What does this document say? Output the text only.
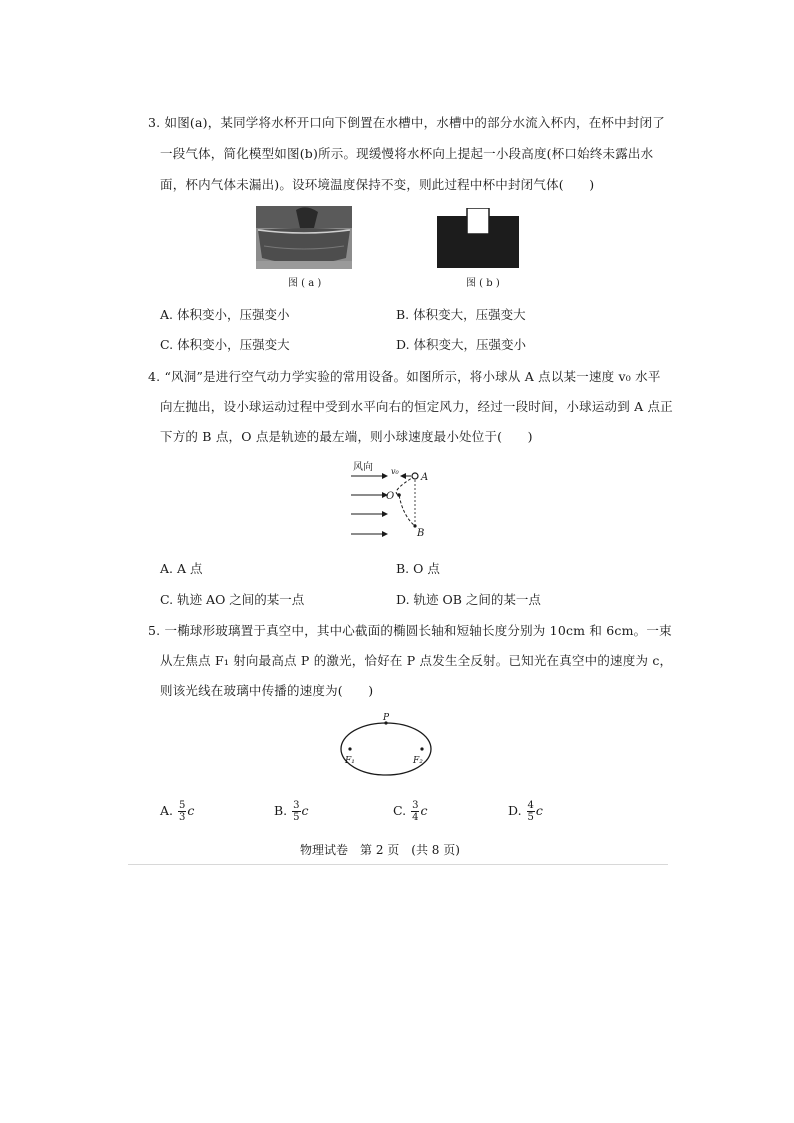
3. 如图(a)，某同学将水杯开口向下倒置在水槽中，水槽中的部分水流入杯内，在杯中封闭了
一段气体，简化模型如图(b)所示。现缓慢将水杯向上提起一小段高度(杯口始终未露出水
面，杯内气体未漏出)。设环境温度保持不变，则此过程中杯中封闭气体(　　)
图 ( a )	图 ( b )
A. 体积变小，压强变小	B. 体积变大，压强变大
C. 体积变小，压强变大	D. 体积变大，压强变小
4. “风洞”是进行空气动力学实验的常用设备。如图所示，将小球从 A 点以某一速度 v₀ 水平
向左抛出，设小球运动过程中受到水平向右的恒定风力，经过一段时间，小球运动到 A 点正
下方的 B 点，O 点是轨迹的最左端，则小球速度最小处位于(　　)
风向 v₀
A
O
B
A. A 点	B. O 点
C. 轨迹 AO 之间的某一点	D. 轨迹 OB 之间的某一点
5. 一椭球形玻璃置于真空中，其中心截面的椭圆长轴和短轴长度分别为 10cm 和 6cm。一束
从左焦点 F₁ 射向最高点 P 的激光，恰好在 P 点发生全反射。已知光在真空中的速度为 c，
则该光线在玻璃中传播的速度为(　　)
P
F₁	F₂
A. $\frac{5}{3}$ c	B. $\frac{3}{5}$ c	C. $\frac{3}{4}$ c	D. $\frac{4}{5}$ c
物理试卷　第 2 页　(共 8 页)
